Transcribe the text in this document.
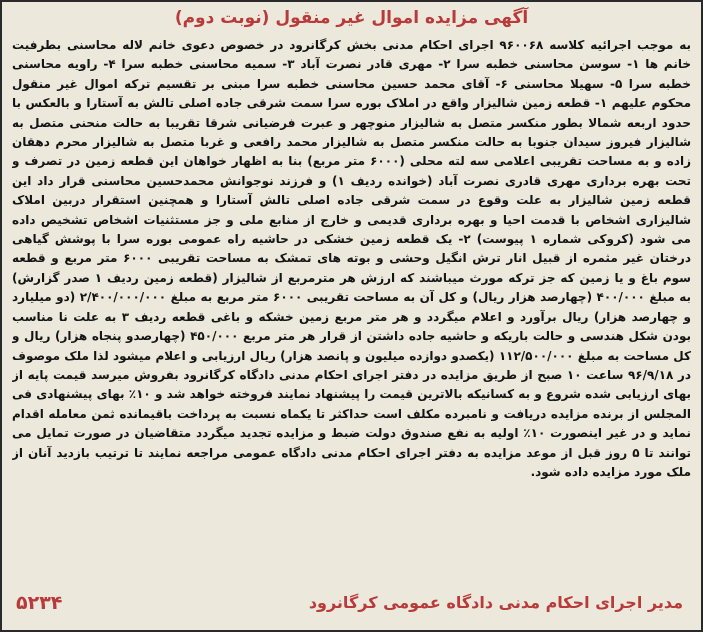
آگهی مزایده اموال غیر منقول (نوبت دوم)
به موجب اجرائیه کلاسه ۹۶۰۰۶۸ اجرای احکام مدنی بخش کرگانرود در خصوص دعوی خانم لاله محاسنی بطرفیت خانم ها ۱- سوسن محاسنی خطبه سرا ۲- مهری قادر نصرت آباد ۳- سمیه محاسنی خطبه سرا ۴- راویه محاسنی خطبه سرا ۵- سهیلا محاسنی ۶- آقای محمد حسین محاسنی خطبه سرا مبنی بر تقسیم ترکه اموال غیر منقول محکوم علیهم ۱- قطعه زمین شالیزار واقع در املاک بوره سرا سمت شرقی جاده اصلی تالش به آستارا و بالعکس با حدود اربعه شمالا بطور منکسر متصل به شالیزار منوچهر و عبرت فرضیانی شرقا تقریبا به حالت منحنی متصل به شالیزار فیروز سیدان جنوبا به حالت منکسر متصل به شالیزار محمد رافعی و غربا متصل به شالیزار محرم دهقان زاده و به مساحت تقریبی اعلامی سه لته محلی (۶۰۰۰ متر مربع) بنا به اظهار خواهان این قطعه زمین در تصرف و تحت بهره برداری مهری قادری نصرت آباد (خوانده ردیف ۱) و فرزند نوجوانش محمدحسین محاسنی قرار داد این قطعه زمین شالیزار به علت وقوع در سمت شرقی جاده اصلی تالش آستارا و همچنین استقرار دربین املاک شالیزاری اشخاص با قدمت احیا و بهره برداری قدیمی و خارج از منابع ملی و جز مستثنیات اشخاص تشخیص داده می شود (کروکی شماره ۱ پیوست) ۲- یک قطعه زمین خشکی در حاشیه راه عمومی بوره سرا با پوشش گیاهی درختان غیر مثمره از قبیل انار ترش انگیل وحشی و بوته های تمشک به مساحت تقریبی ۶۰۰۰ متر مربع و قطعه سوم باغ و یا زمین که جز ترکه مورث میباشند که ارزش هر مترمربع از شالیزار (قطعه زمین ردیف ۱ صدر گزارش) به مبلغ ۴۰۰/۰۰۰ (چهارصد هزار ریال) و کل آن به مساحت تقریبی ۶۰۰۰ متر مربع به مبلغ ۲/۴۰۰/۰۰۰/۰۰۰ (دو میلیارد و چهارصد هزار) ریال برآورد و اعلام میگردد و هر متر مربع زمین خشکه و باغی قطعه ردیف ۳ به علت نا مناسب بودن شکل هندسی و حالت باریکه و حاشیه جاده داشتن از قرار هر متر مربع ۴۵۰/۰۰۰ (چهارصدو پنجاه هزار) ریال و کل مساحت به مبلغ ۱۱۲/۵۰۰/۰۰۰ (یکصدو دوازده میلیون و پانصد هزار) ریال ارزیابی و اعلام میشود لذا ملک موصوف در ۹۶/۹/۱۸ ساعت ۱۰ صبح از طریق مزایده در دفتر اجرای احکام مدنی دادگاه کرگانرود بفروش میرسد قیمت پایه از بهای ارزیابی شده شروع و به کسانیکه بالاترین قیمت را پیشنهاد نمایند فروخته خواهد شد و ۱۰٪ بهای پیشنهادی فی المجلس از برنده مزایده دریافت و نامبرده مکلف است حداکثر تا یکماه نسبت به پرداخت باقیمانده ثمن معامله اقدام نماید و در غیر اینصورت ۱۰٪ اولیه به نفع صندوق دولت ضبط و مزایده تجدید میگردد متقاضیان در صورت تمایل می توانند تا ۵ روز قبل از موعد مزایده به دفتر اجرای احکام مدنی دادگاه عمومی مراجعه نمایند تا ترتیب بازدید آنان از ملک مورد مزایده داده شود.
۵۲۳۴	مدیر اجرای احکام مدنی دادگاه عمومی کرگانرود
